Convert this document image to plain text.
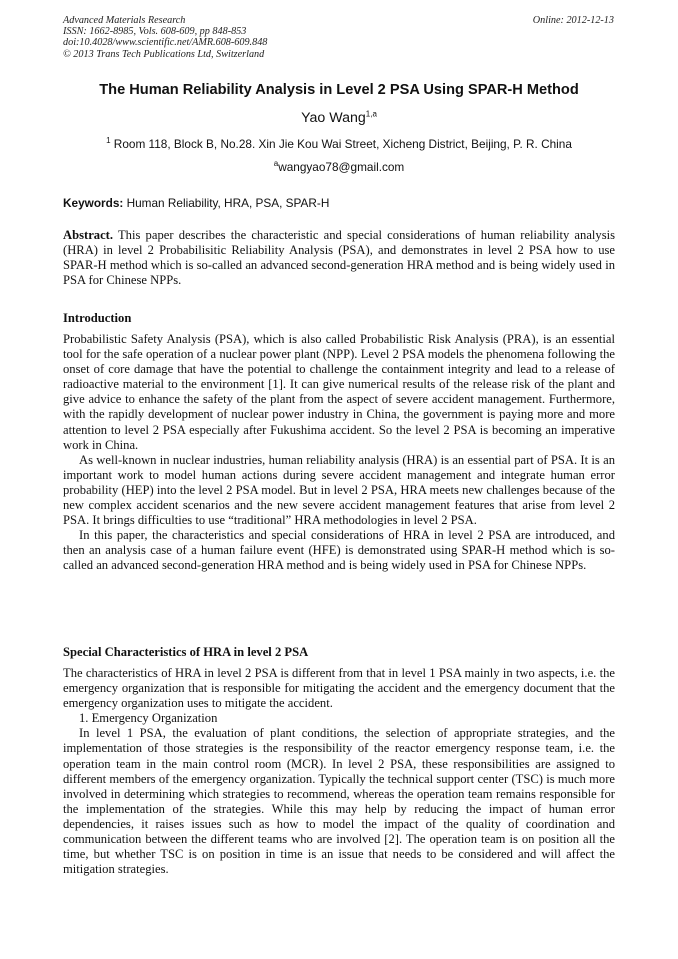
Advanced Materials Research
ISSN: 1662-8985, Vols. 608-609, pp 848-853
doi:10.4028/www.scientific.net/AMR.608-609.848
© 2013 Trans Tech Publications Ltd, Switzerland
Online: 2012-12-13
The Human Reliability Analysis in Level 2 PSA Using SPAR-H Method
Yao Wang$^{1,a}$
$^1$ Room 118, Block B, No.28. Xin Jie Kou Wai Street, Xicheng District, Beijing, P. R. China
$^a$wangyao78@gmail.com
Keywords: Human Reliability, HRA, PSA, SPAR-H

Abstract. This paper describes the characteristic and special considerations of human reliability analysis (HRA) in level 2 Probabilisitic Reliability Analysis (PSA), and demonstrates in level 2 PSA how to use SPAR-H method which is so-called an advanced second-generation HRA method and is being widely used in PSA for Chinese NPPs.

Introduction

Probabilistic Safety Analysis (PSA), which is also called Probabilistic Risk Analysis (PRA), is an essential tool for the safe operation of a nuclear power plant (NPP). Level 2 PSA models the phenomena following the onset of core damage that have the potential to challenge the containment integrity and lead to a release of radioactive material to the environment [1]. It can give numerical results of the release risk of the plant and give advice to enhance the safety of the plant from the aspect of severe accident management. Furthermore, with the rapidly development of nuclear power industry in China, the government is paying more and more attention to level 2 PSA especially after Fukushima accident. So the level 2 PSA is becoming an imperative work in China.

As well-known in nuclear industries, human reliability analysis (HRA) is an essential part of PSA. It is an important work to model human actions during severe accident management and integrate human error probability (HEP) into the level 2 PSA model. But in level 2 PSA, HRA meets new challenges because of the new complex accident scenarios and the new severe accident management features that arise from level 2 PSA. It brings difficulties to use “traditional” HRA methodologies in level 2 PSA.

In this paper, the characteristics and special considerations of HRA in level 2 PSA are introduced, and then an analysis case of a human failure event (HFE) is demonstrated using SPAR-H method which is so-called an advanced second-generation HRA method and is being widely used in PSA for Chinese NPPs.

Special Characteristics of HRA in level 2 PSA

The characteristics of HRA in level 2 PSA is different from that in level 1 PSA mainly in two aspects, i.e. the emergency organization that is responsible for mitigating the accident and the emergency document that the emergency organization uses to mitigate the accident.

1. Emergency Organization

In level 1 PSA, the evaluation of plant conditions, the selection of appropriate strategies, and the implementation of those strategies is the responsibility of the reactor emergency response team, i.e. the operation team in the main control room (MCR). In level 2 PSA, these responsibilities are assigned to different members of the emergency organization. Typically the technical support center (TSC) is much more involved in determining which strategies to recommend, whereas the operation team remains responsible for the implementation of the strategies. While this may help by reducing the impact of human error dependencies, it raises issues such as how to model the impact of the quality of coordination and communication between the different teams who are involved [2]. The operation team is on position all the time, but whether TSC is on position in time is an issue that needs to be considered and will affect the mitigation strategies.
